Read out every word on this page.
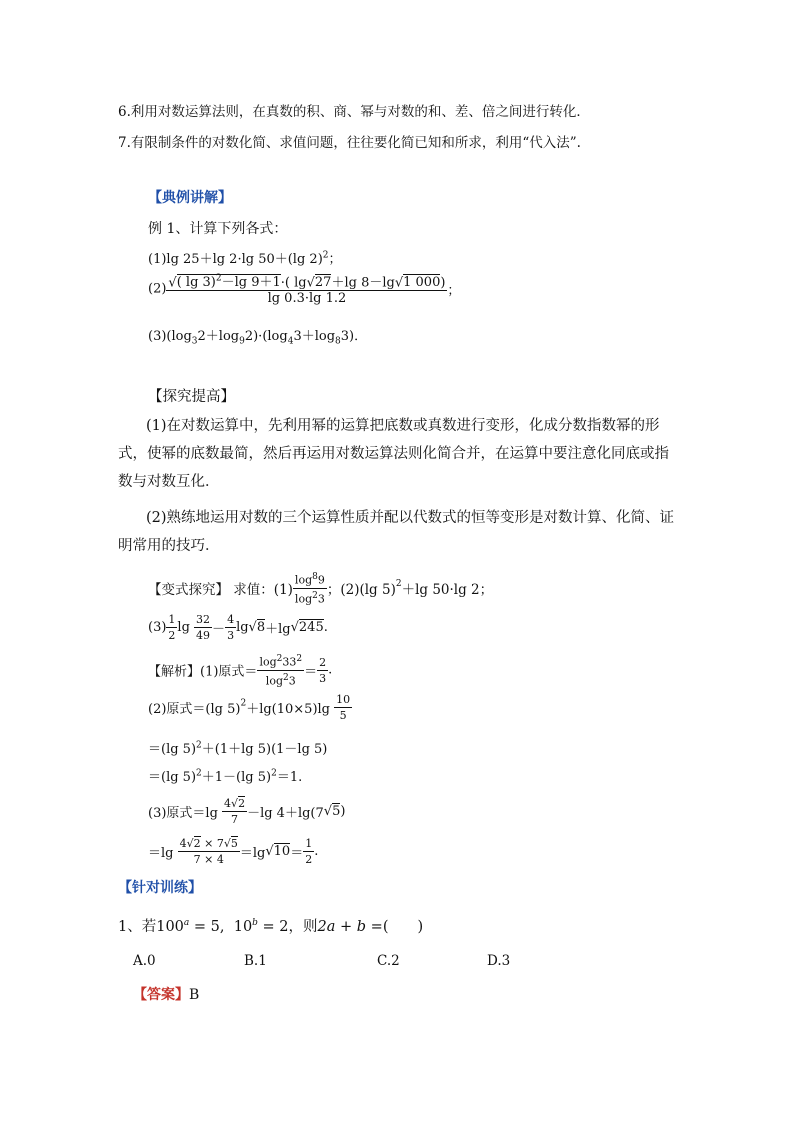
6.利用对数运算法则，在真数的积、商、幂与对数的和、差、倍之间进行转化．
7.有限制条件的对数化简、求值问题，往往要化简已知和所求，利用“代入法”.
【典例讲解】
例 1、计算下列各式：
(1)lg 25＋lg 2·lg 50＋(lg 2)$^2$；
$(2) \frac{√( \lg 3)^2-\lg 9+1\cdot( \lg√27+\lg 8-\lg√1 000)}{\lg 0.3\cdot\lg 1.2}$ ；
$(3)(\log_32+\log_92)\cdot(\log_43+\log_83)$．
【探究提高】
(1)在对数运算中，先利用幂的运算把底数或真数进行变形，化成分数指数幂的形式，使幂的底数最简，然后再运用对数运算法则化简合并，在运算中要注意化同底或指数与对数互化．
(2)熟练地运用对数的三个运算性质并配以代数式的恒等变形是对数计算、化简、证明常用的技巧．
【变式探究】 求值：$(1) \frac{\log^89}{\log^23}$ ；(2)(lg 5)$^2$＋lg 50·lg 2；
$(3) \frac{1}{2}$ $\lg \frac{32}{49} - \frac{4}{3} \lg√8+\lg√245$.
【解析】(1)原式＝ $\frac{\log^233^2}{\log^23} = \frac{2}{3}$ .
(2)原式＝(lg $5)^2+\lg(10\times 5)\lg \frac{10}{5}$
＝(lg 5)$^2$＋(1＋lg 5)(1－lg 5)
＝(lg 5)$^2$＋1－(lg 5)$^2$＝1.
(3)原式$=\lg \frac{4√2}{7} -\lg$ 4＋lg(7√5)
$=\lg \frac{4√2 \times 7√5}{7 \times 4} =\lg√10= \frac{1}{2}$ .
【针对训练】
1、若$100^a = 5$, $10^b = 2$，则2a + b =(　　)
A.0	B.1	C.2	D.3
【答案】B
